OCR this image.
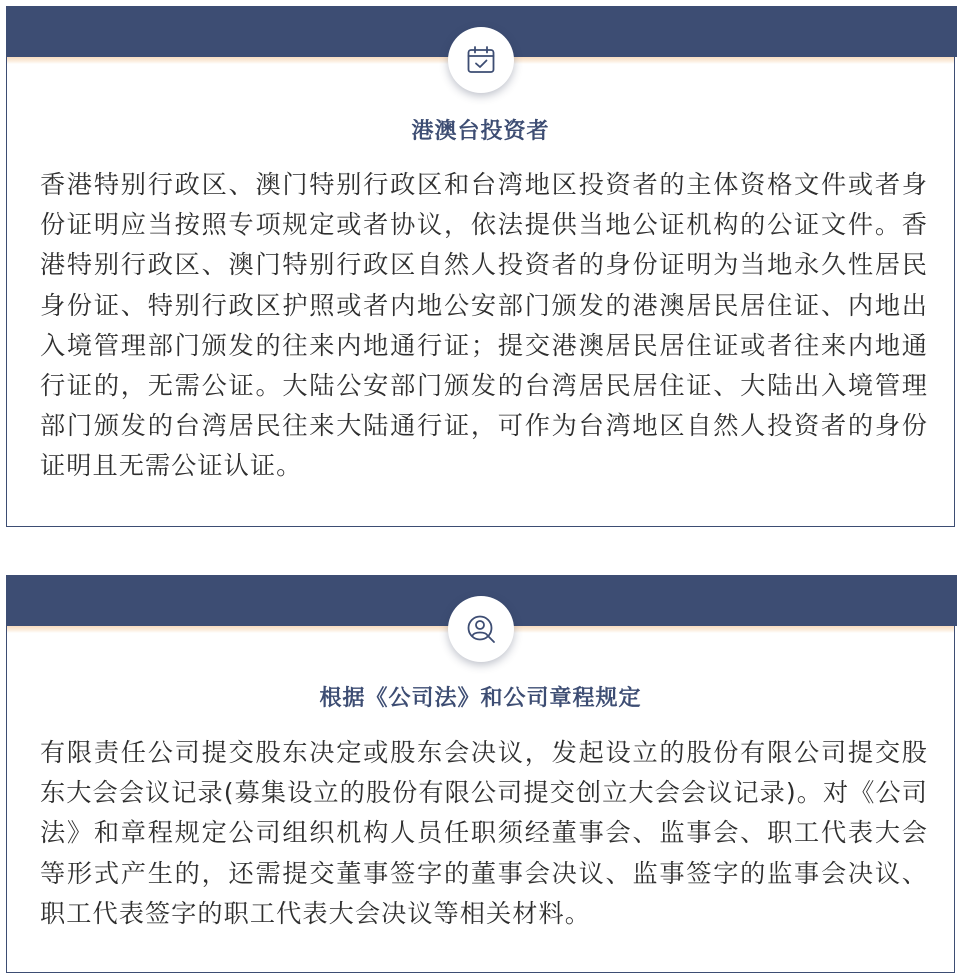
港澳台投资者

香港特别行政区、澳门特别行政区和台湾地区投资者的主体资格文件或者身份证明应当按照专项规定或者协议，依法提供当地公证机构的公证文件。香港特别行政区、澳门特别行政区自然人投资者的身份证明为当地永久性居民身份证、特别行政区护照或者内地公安部门颁发的港澳居民居住证、内地出入境管理部门颁发的往来内地通行证；提交港澳居民居住证或者往来内地通行证的，无需公证。大陆公安部门颁发的台湾居民居住证、大陆出入境管理部门颁发的台湾居民往来大陆通行证，可作为台湾地区自然人投资者的身份证明且无需公证认证。

根据《公司法》和公司章程规定

有限责任公司提交股东决定或股东会决议，发起设立的股份有限公司提交股东大会会议记录(募集设立的股份有限公司提交创立大会会议记录)。对《公司法》和章程规定公司组织机构人员任职须经董事会、监事会、职工代表大会等形式产生的，还需提交董事签字的董事会决议、监事签字的监事会决议、职工代表签字的职工代表大会决议等相关材料。
